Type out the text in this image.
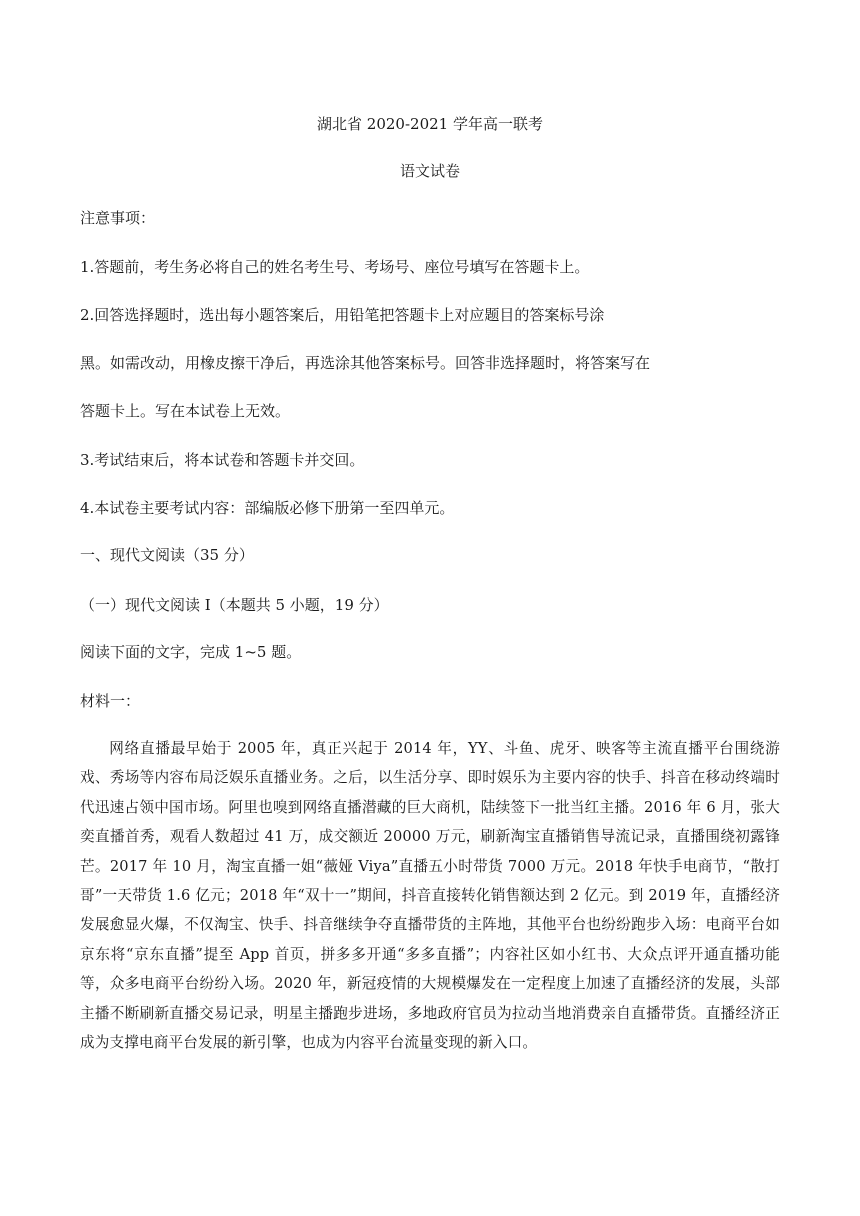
湖北省 2020-2021 学年高一联考
语文试卷
注意事项：
1.答题前，考生务必将自己的姓名考生号、考场号、座位号填写在答题卡上。
2.回答选择题时，选出每小题答案后，用铅笔把答题卡上对应题目的答案标号涂
黑。如需改动，用橡皮擦干净后，再选涂其他答案标号。回答非选择题时，将答案写在
答题卡上。写在本试卷上无效。
3.考试结束后，将本试卷和答题卡并交回。
4.本试卷主要考试内容：部编版必修下册第一至四单元。
一、现代文阅读（35 分）
（一）现代文阅读 I（本题共 5 小题，19 分）
阅读下面的文字，完成 1~5 题。
材料一：
网络直播最早始于 2005 年，真正兴起于 2014 年，YY、斗鱼、虎牙、映客等主流直播平台围绕游戏、秀场等内容布局泛娱乐直播业务。之后，以生活分享、即时娱乐为主要内容的快手、抖音在移动终端时代迅速占领中国市场。阿里也嗅到网络直播潜藏的巨大商机，陆续签下一批当红主播。2016 年 6 月，张大奕直播首秀，观看人数超过 41 万，成交额近 20000 万元，刷新淘宝直播销售导流记录，直播围绕初露锋芒。2017 年 10 月，淘宝直播一姐“薇娅 Viya”直播五小时带货 7000 万元。2018 年快手电商节，“散打哥”一天带货 1.6 亿元；2018 年“双十一”期间，抖音直接转化销售额达到 2 亿元。到 2019 年，直播经济发展愈显火爆，不仅淘宝、快手、抖音继续争夺直播带货的主阵地，其他平台也纷纷跑步入场：电商平台如京东将“京东直播”提至 App 首页，拼多多开通“多多直播”；内容社区如小红书、大众点评开通直播功能等，众多电商平台纷纷入场。2020 年，新冠疫情的大规模爆发在一定程度上加速了直播经济的发展，头部主播不断刷新直播交易记录，明星主播跑步进场，多地政府官员为拉动当地消费亲自直播带货。直播经济正成为支撑电商平台发展的新引擎，也成为内容平台流量变现的新入口。
